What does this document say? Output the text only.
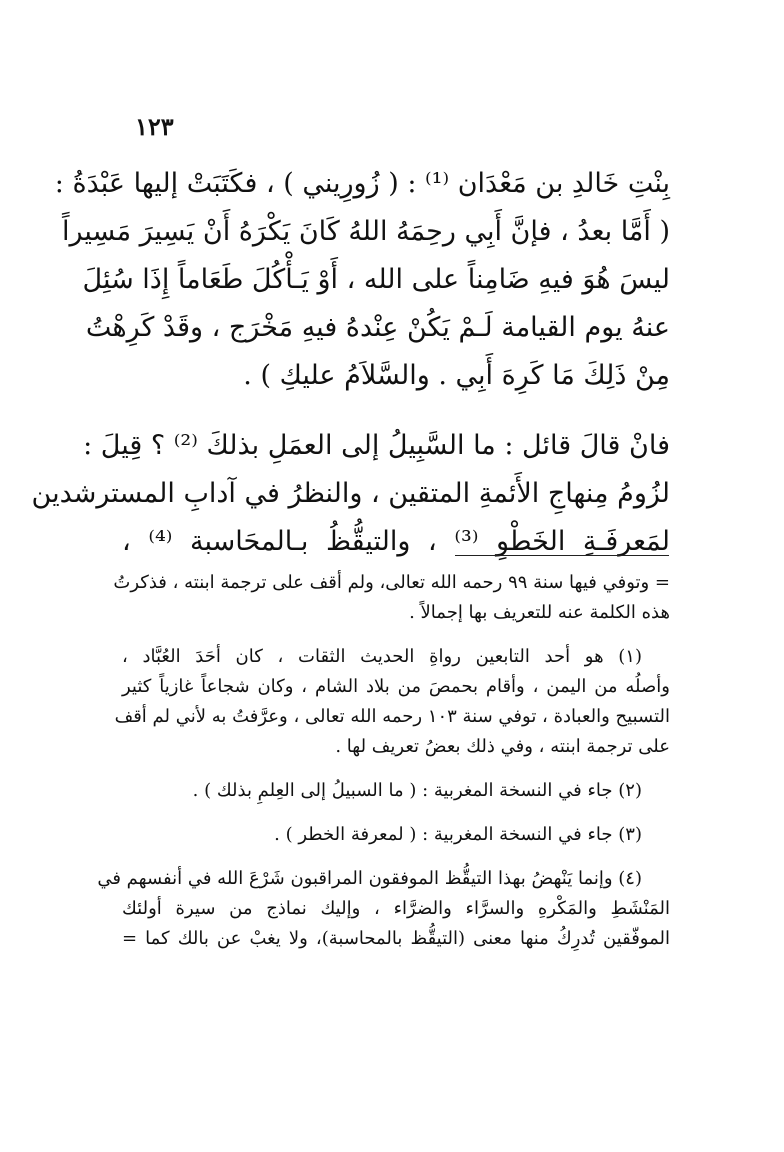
١٢٣
بِنْتِ خَالدِ بن مَعْدَان ⁽¹⁾ : ( زُورِيني ) ، فكَتَبَتْ إليها عَبْدَةُ :
( أَمَّا بعدُ ، فإنَّ أَبِي رحِمَهُ اللهُ كَانَ يَكْرَهُ أَنْ يَسِيرَ مَسِيراً
ليسَ هُوَ فيهِ ضَامِناً على الله ، أَوْ يَـأْكُلَ طَعَاماً إِذَا سُئِلَ
عنهُ يوم القيامة لَـمْ يَكُنْ عِنْدهُ فيهِ مَخْرَج ، وقَدْ كَرِهْتُ
مِنْ ذَلِكَ مَا كَرِهَ أَبِي . والسَّلاَمُ عليكِ ) .
فانْ قالَ قائل : ما السَّبِيلُ إلى العمَلِ بذلكَ ⁽²⁾ ؟ قِيلَ :
لزُومُ مِنهاجِ الأَئمةِ المتقين ، والنظرُ في آدابِ المسترشدين
لمَعرفَـةِ الخَطْوِ ⁽³⁾ ، والتيقُّظُ بـالمحَاسبة ⁽⁴⁾ ،
= وتوفي فيها سنة ٩٩ رحمه الله تعالى، ولم أقف على ترجمة ابنته ، فذكرتُ
هذه الكلمة عنه للتعريف بها إجمالاً .
(١) هو أحد التابعين رواةِ الحديث الثقات ، كان أحَدَ العُبَّاد ،
وأصلُه من اليمن ، وأقام بحمصَ من بلاد الشام ، وكان شجاعاً غازياً كثير
التسبيح والعبادة ، توفي سنة ١٠٣ رحمه الله تعالى ، وعرَّفتُ به لأني لم أقف
على ترجمة ابنته ، وفي ذلك بعضُ تعريف لها .
(٢) جاء في النسخة المغربية : ( ما السبيلُ إلى العِلمِ بذلك ) .
(٣) جاء في النسخة المغربية : ( لمعرفة الخطر ) .
(٤) وإنما يَنْهضُ بهذا التيقُّظ الموفقون المراقبون شَرْعَ الله في أنفسهم في
المَنْشَطِ والمَكْرهِ والسرَّاء والضرَّاء ، وإليك نماذج من سيرة أولئك
الموفّقين تُدرِكُ منها معنى (التيقُّظ بالمحاسبة)، ولا يغبْ عن بالك كما =
